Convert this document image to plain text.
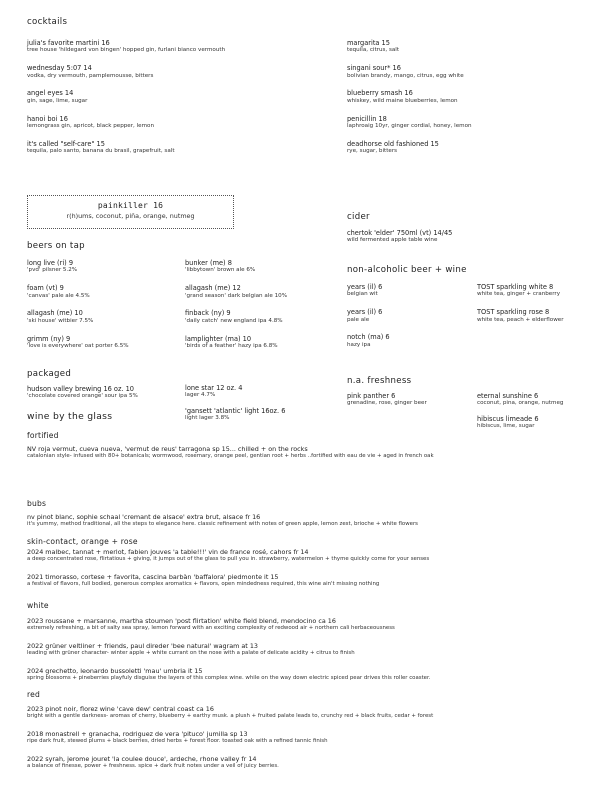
cocktails
julia's favorite martini 16
tree house 'hildegard von bingen' hopped gin, furlani bianco vermouth
wednesday 5:07 14
vodka, dry vermouth, pamplemousse, bitters
angel eyes 14
gin, sage, lime, sugar
hanoi boi 16
lemongrass gin, apricot, black pepper, lemon
it's called "self-care" 15
tequila, palo santo, banana du brasil, grapefruit, salt
margarita 15
tequila, citrus, salt
singani sour* 16
bolivian brandy, mango, citrus, egg white
blueberry smash 16
whiskey, wild maine blueberries, lemon
penicillin 18
laphroaig 10yr, ginger cordial, honey, lemon
deadhorse old fashioned 15
rye, sugar, bitters
painkiller 16
r(h)ums, coconut, piña, orange, nutmeg
beers on tap
long live (ri) 9
'pvd' pilsner 5.2%
foam (vt) 9
'canvas' pale ale 4.5%
allagash (me) 10
'ski house' witbier 7.5%
grimm (ny) 9
'love is everywhere' oat porter 6.5%
bunker (me) 8
'libbytown' brown ale 6%
allagash (me) 12
'grand season' dark belgian ale 10%
finback (ny) 9
'daily catch' new england ipa 4.8%
lamplighter (ma) 10
'birds of a feather' hazy ipa 6.8%
packaged
hudson valley brewing 16 oz. 10
'chocolate covered orange' sour ipa 5%
lone star 12 oz. 4
lager 4.7%
'gansett 'atlantic' light 16oz. 6
light lager 3.8%
cider
chertok 'elder' 750ml (vt) 14/45
wild fermented apple table wine
non-alcoholic beer + wine
years (il) 6
belgian wit
years (il) 6
pale ale
notch (ma) 6
hazy ipa
TOST sparkling white 8
white tea, ginger + cranberry
TOST sparkling rose 8
white tea, peach + elderflower
n.a. freshness
pink panther 6
grenadine, rose, ginger beer
eternal sunshine 6
coconut, pina, orange, nutmeg
hibiscus limeade 6
hibiscus, lime, sugar
wine by the glass
fortified
NV roja vermut, cueva nueva, 'vermut de reus' tarragona sp 15... chilled + on the rocks
catalonian style- infused with 80+ botanicals; wormwood, rosemary, orange peel, gentian root + herbs ..fortified with eau de vie + aged in french oak
bubs
nv pinot blanc, sophie schaal 'cremant de alsace' extra brut, alsace fr 16
it's yummy, method traditional, all the steps to elegance here. classic refinement with notes of green apple, lemon zest, brioche + white flowers
skin-contact, orange + rose
2024 malbec, tannat + merlot, fabien jouves 'a table!!!' vin de france rosé, cahors fr 14
a deep concentrated rose, flirtatious + giving, it jumps out of the glass to pull you in. strawberry, watermelon + thyme quickly come for your senses
2021 timorasso, cortese + favorita, cascina barbàn 'baffalora' piedmonte it 15
a festival of flavors, full bodied, generous complex aromatics + flavors, open mindedness required, this wine ain't missing nothing
white
2023 roussane + marsanne, martha stoumen 'post flirtation' white field blend, mendocino ca 16
extremely refreshing, a bit of salty sea spray, lemon forward with an exciting complexity of redwood air + northern cali herbaceousness
2022 grüner veltliner + friends, paul direder 'bee natural' wagram at 13
leading with grüner character- winter apple + white currant on the nose with a palate of delicate acidity + citrus to finish
2024 grechetto, leonardo bussoletti 'mau' umbria it 15
spring blossoms + pineberries playfuly disguise the layers of this complex wine. while on the way down electric spiced pear drives this roller coaster.
red
2023 pinot noir, florez wine 'cave dew' central coast ca 16
bright with a gentle darkness- aromas of cherry, blueberry + earthy musk. a plush + fruited palate leads to, crunchy red + black fruits, cedar + forest
2018 monastrell + granacha, rodriguez de vera 'pituco' jumilla sp 13
ripe dark fruit, stewed plums + black berries, dried herbs + forest floor. toasted oak with a refined tannic finish
2022 syrah, jerome jouret 'la coulee douce', ardeche, rhone valley fr 14
a balance of finesse, power + freshness. spice + dark fruit notes under a veil of juicy berries.
